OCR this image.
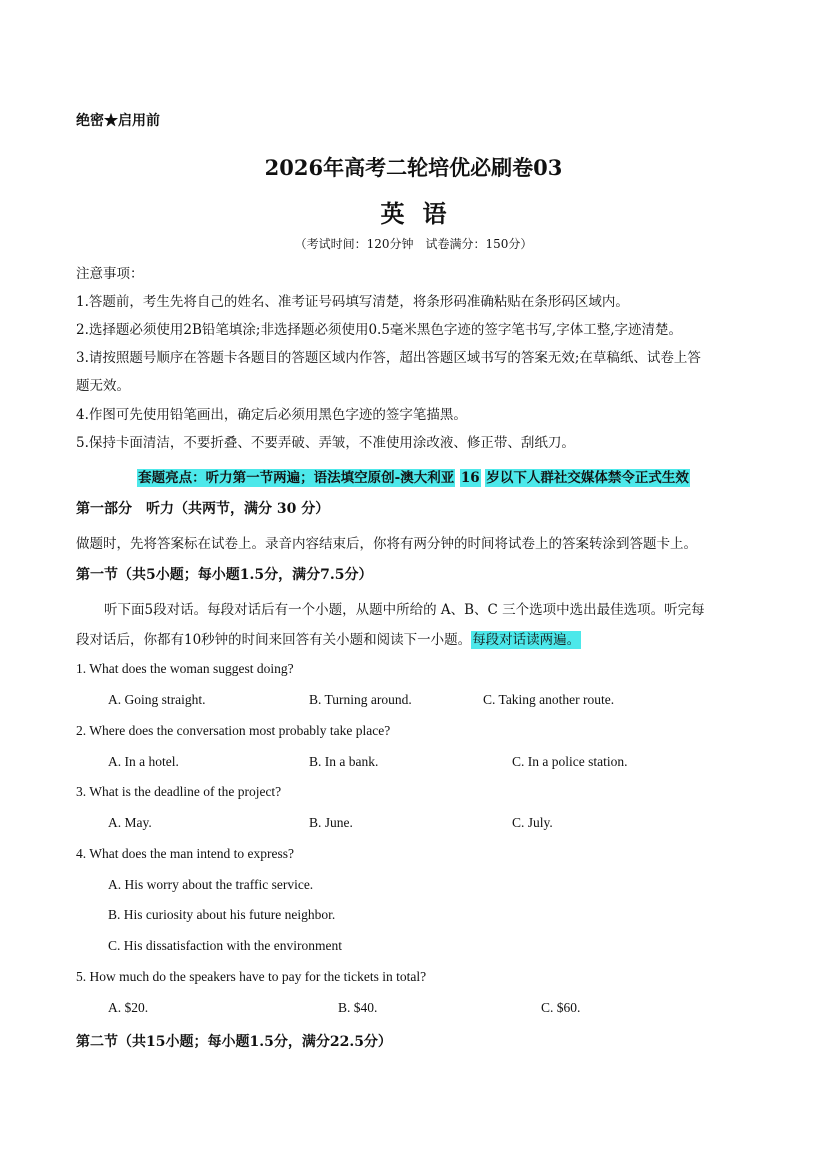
绝密★启用前
2026年高考二轮培优必刷卷03
英语
（考试时间：120分钟　试卷满分：150分）
注意事项：
1.答题前，考生先将自己的姓名、准考证号码填写清楚，将条形码准确粘贴在条形码区域内。
2.选择题必须使用2B铅笔填涂;非选择题必须使用0.5毫米黑色字迹的签字笔书写,字体工整,字迹清楚。
3.请按照题号顺序在答题卡各题目的答题区域内作答，超出答题区域书写的答案无效;在草稿纸、试卷上答
题无效。
4.作图可先使用铅笔画出，确定后必须用黑色字迹的签字笔描黑。
5.保持卡面清洁，不要折叠、不要弄破、弄皱，不准使用涂改液、修正带、刮纸刀。
套题亮点：听力第一节两遍；语法填空原创-澳大利亚 16 岁以下人群社交媒体禁令正式生效
第一部分　听力（共两节，满分 30 分）
做题时，先将答案标在试卷上。录音内容结束后，你将有两分钟的时间将试卷上的答案转涂到答题卡上。
第一节（共5小题；每小题1.5分，满分7.5分）
听下面5段对话。每段对话后有一个小题，从题中所给的 A、B、C 三个选项中选出最佳选项。听完每
段对话后，你都有10秒钟的时间来回答有关小题和阅读下一小题。每段对话读两遍。
1. What does the woman suggest doing?
A. Going straight.	B. Turning around.	C. Taking another route.
2. Where does the conversation most probably take place?
A. In a hotel.	B. In a bank.	C. In a police station.
3. What is the deadline of the project?
A. May.	B. June.	C. July.
4. What does the man intend to express?
A. His worry about the traffic service.
B. His curiosity about his future neighbor.
C. His dissatisfaction with the environment
5. How much do the speakers have to pay for the tickets in total?
A. $20.	B. $40.	C. $60.
第二节（共15小题；每小题1.5分，满分22.5分）
